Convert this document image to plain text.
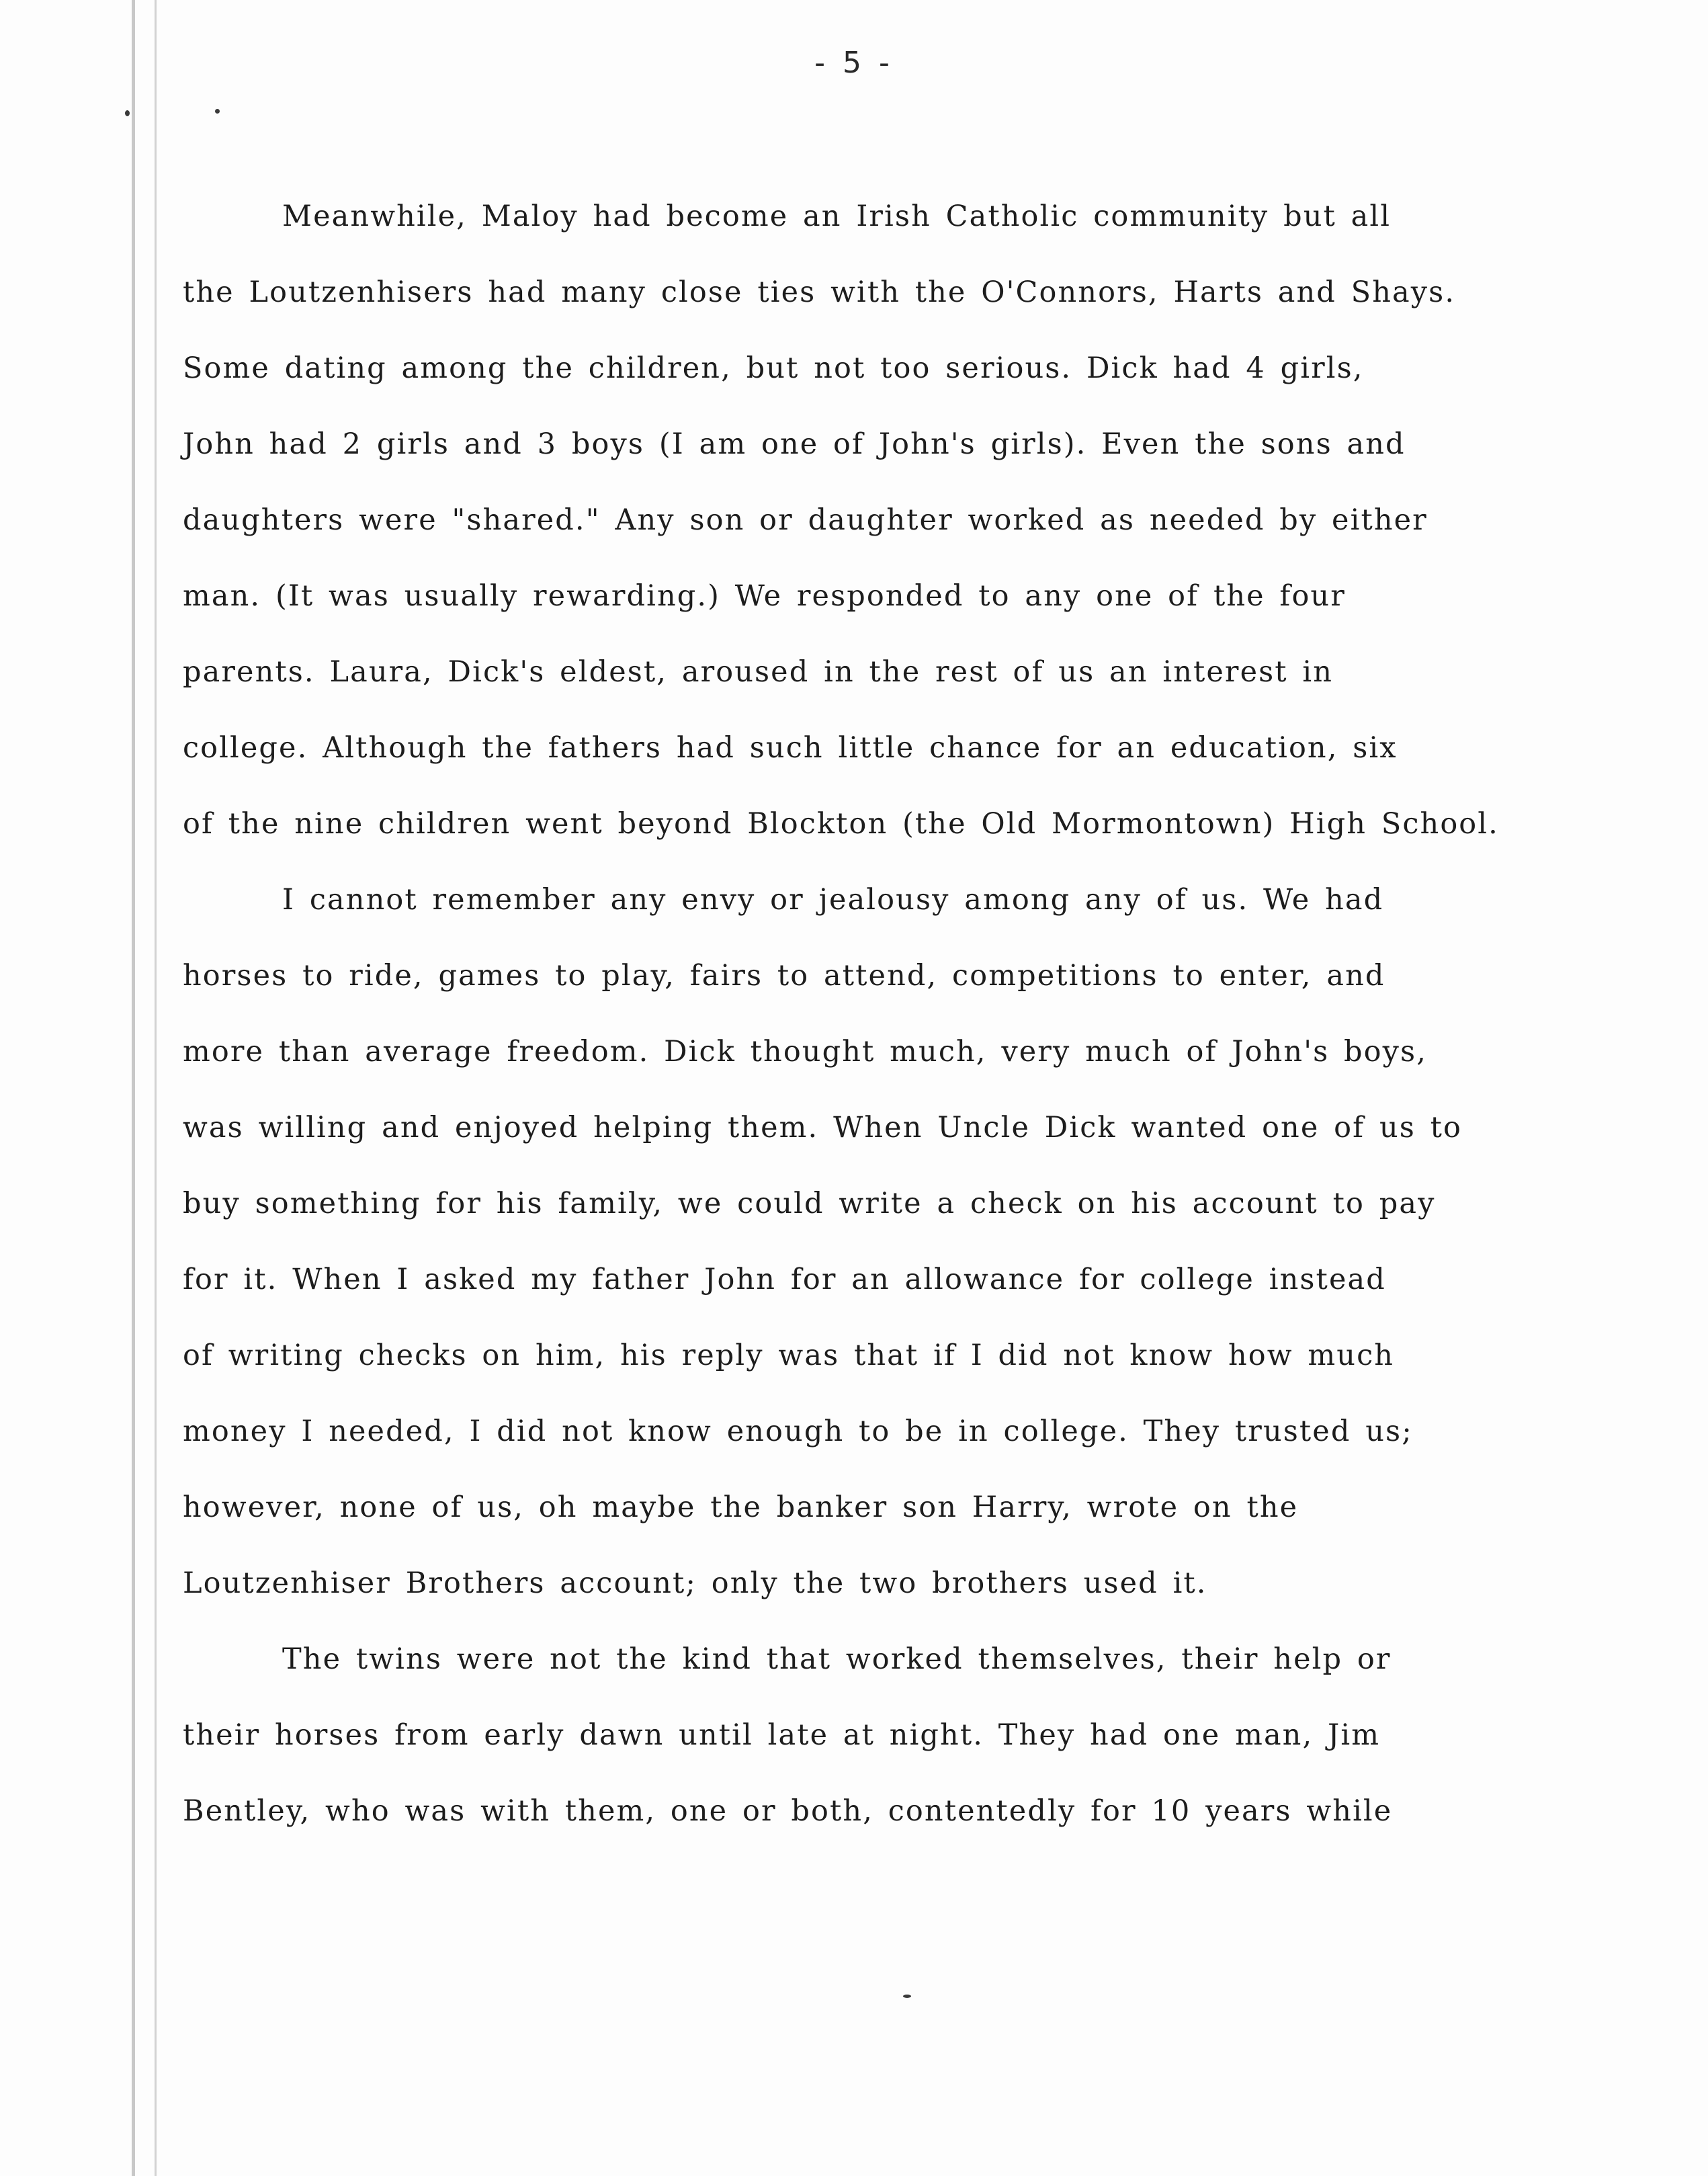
- 5 -
Meanwhile, Maloy had become an Irish Catholic community but all
the Loutzenhisers had many close ties with the O'Connors, Harts and Shays.
Some dating among the children, but not too serious. Dick had 4 girls,
John had 2 girls and 3 boys (I am one of John's girls). Even the sons and
daughters were "shared." Any son or daughter worked as needed by either
man. (It was usually rewarding.) We responded to any one of the four
parents. Laura, Dick's eldest, aroused in the rest of us an interest in
college. Although the fathers had such little chance for an education, six
of the nine children went beyond Blockton (the Old Mormontown) High School.
I cannot remember any envy or jealousy among any of us. We had
horses to ride, games to play, fairs to attend, competitions to enter, and
more than average freedom. Dick thought much, very much of John's boys,
was willing and enjoyed helping them. When Uncle Dick wanted one of us to
buy something for his family, we could write a check on his account to pay
for it. When I asked my father John for an allowance for college instead
of writing checks on him, his reply was that if I did not know how much
money I needed, I did not know enough to be in college. They trusted us;
however, none of us, oh maybe the banker son Harry, wrote on the
Loutzenhiser Brothers account; only the two brothers used it.
The twins were not the kind that worked themselves, their help or
their horses from early dawn until late at night. They had one man, Jim
Bentley, who was with them, one or both, contentedly for 10 years while
